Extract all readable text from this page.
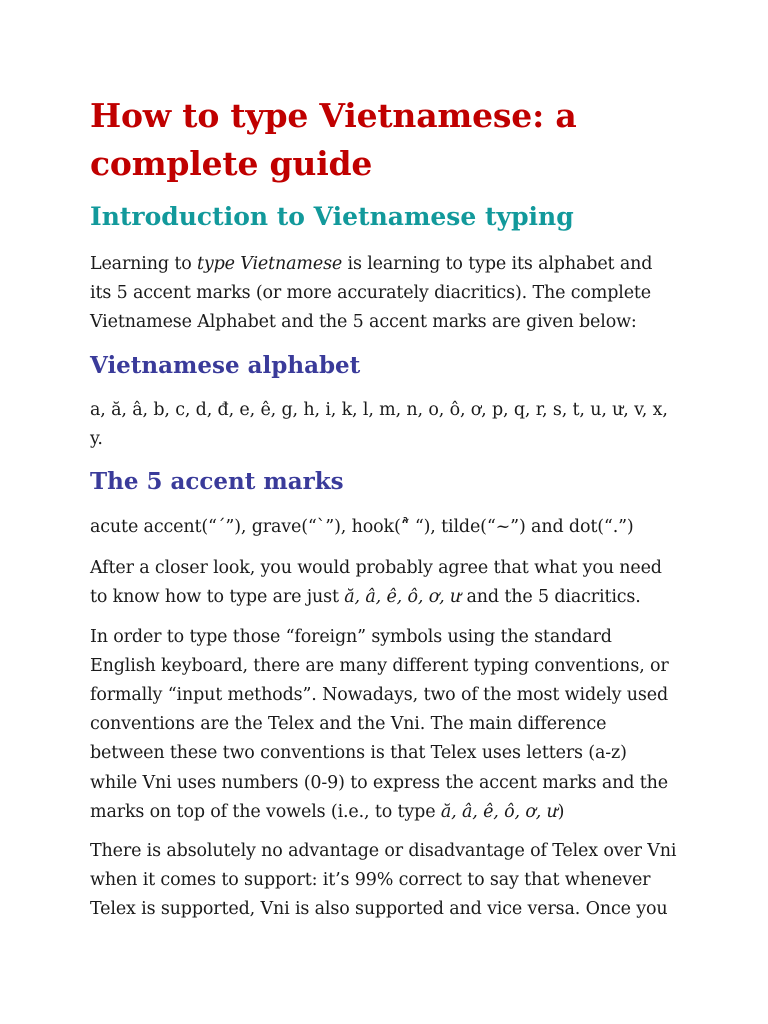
How to type Vietnamese: a complete guide
Introduction to Vietnamese typing

Learning to type Vietnamese is learning to type its alphabet and its 5 accent marks (or more accurately diacritics). The complete Vietnamese Alphabet and the 5 accent marks are given below:

Vietnamese alphabet

a, ă, â, b, c, d, đ, e, ê, g, h, i, k, l, m, n, o, ô, ơ, p, q, r, s, t, u, ư, v, x, y.

The 5 accent marks

acute accent(“´”), grave(“`”), hook(“̉ “), tilde(“~”) and dot(“.”)

After a closer look, you would probably agree that what you need to know how to type are just ă, â, ê, ô, ơ, ư and the 5 diacritics.

In order to type those “foreign” symbols using the standard English keyboard, there are many different typing conventions, or formally “input methods”. Nowadays, two of the most widely used conventions are the Telex and the Vni. The main difference between these two conventions is that Telex uses letters (a-z) while Vni uses numbers (0-9) to express the accent marks and the marks on top of the vowels (i.e., to type ă, â, ê, ô, ơ, ư)

There is absolutely no advantage or disadvantage of Telex over Vni when it comes to support: it’s 99% correct to say that whenever Telex is supported, Vni is also supported and vice versa. Once you
